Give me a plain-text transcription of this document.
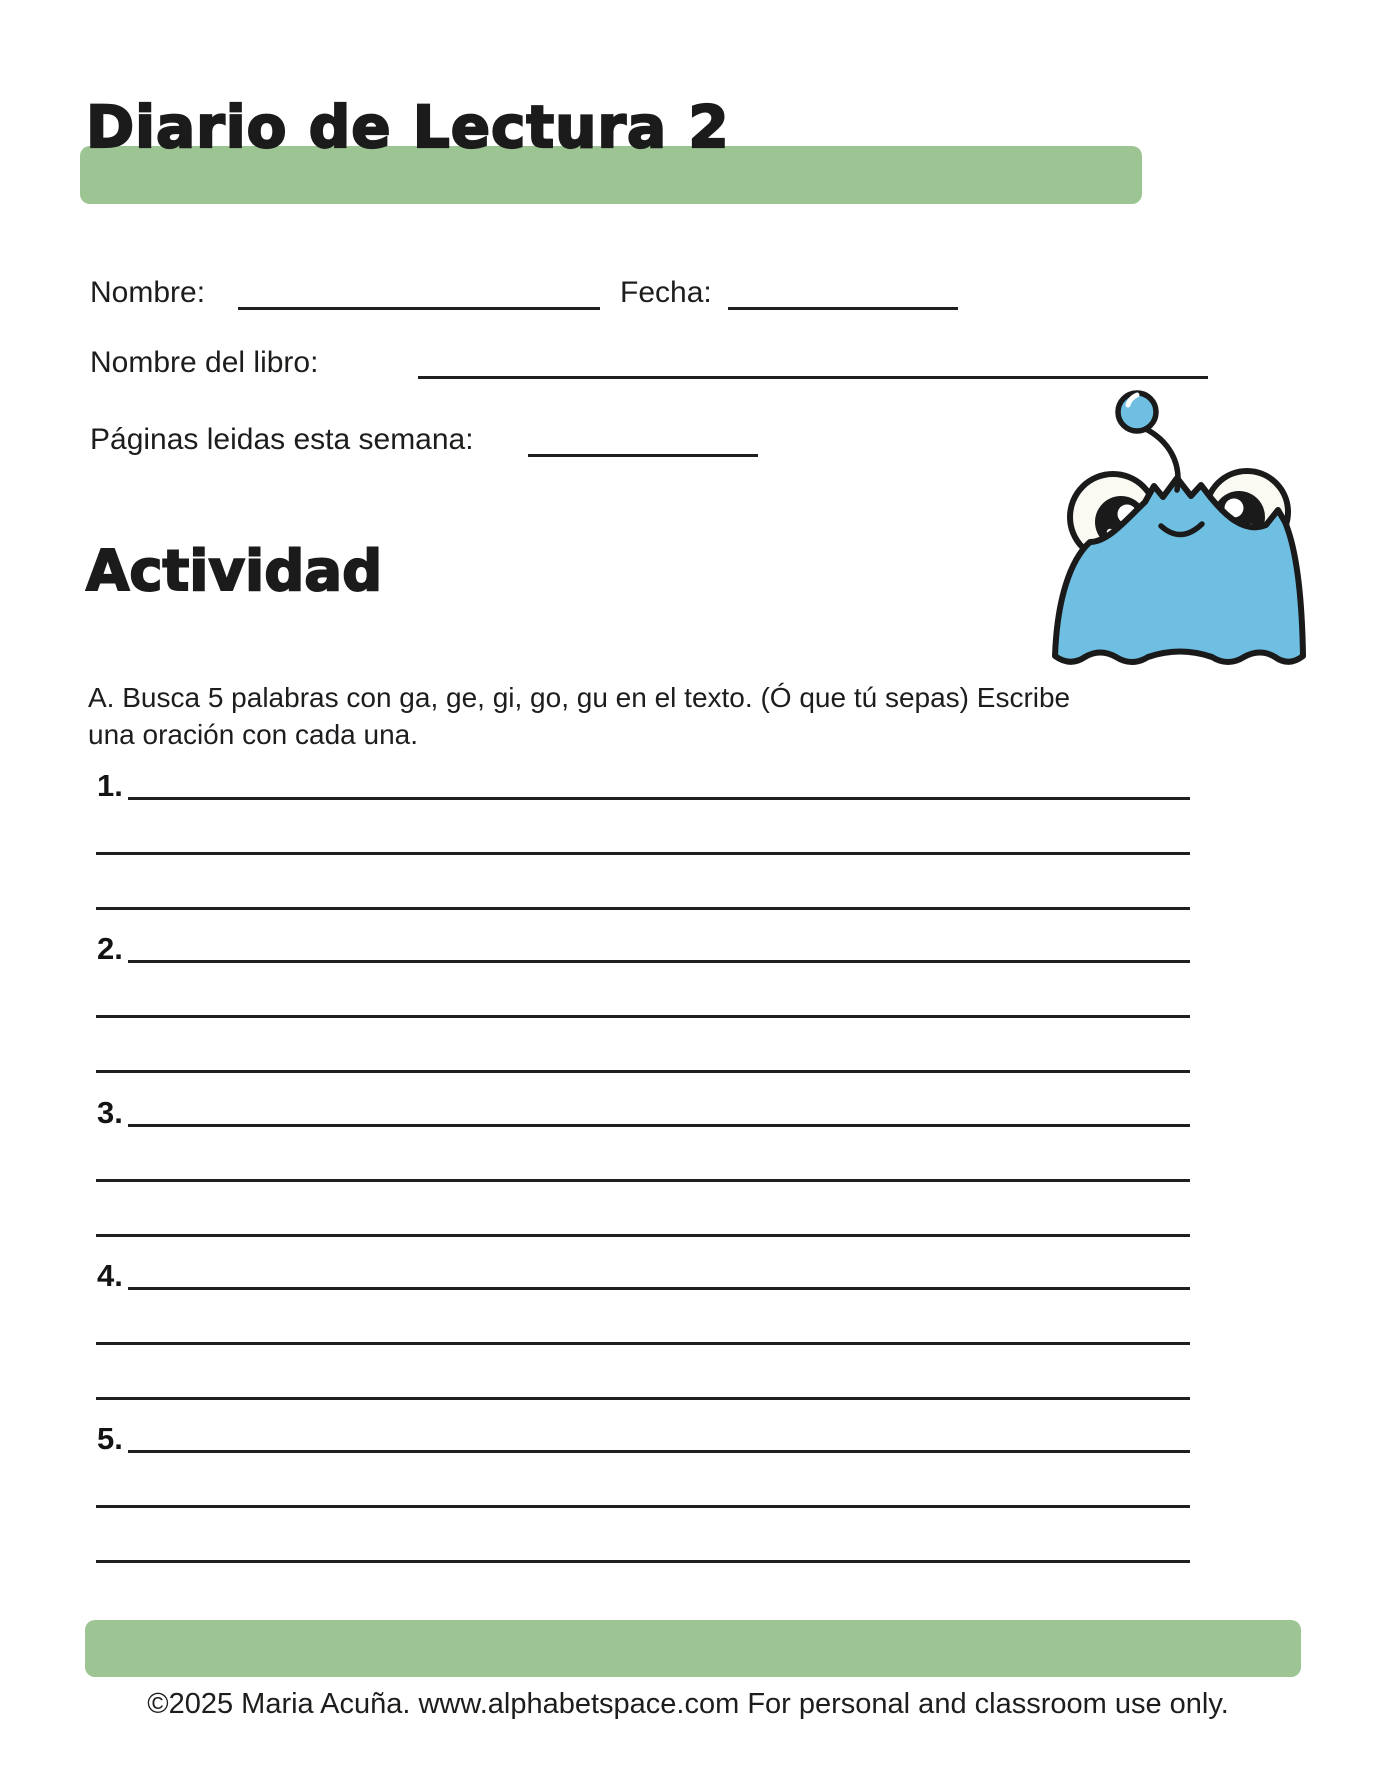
Diario de Lectura 2
Nombre:	Fecha:
Nombre del libro:
Páginas leidas esta semana:
Actividad
A. Busca 5 palabras con ga, ge, gi, go, gu en el texto. (Ó que tú sepas) Escribe
una oración con cada una.
1.
2.
3.
4.
5.
©2025 Maria Acuña. www.alphabetspace.com For personal and classroom use only.
